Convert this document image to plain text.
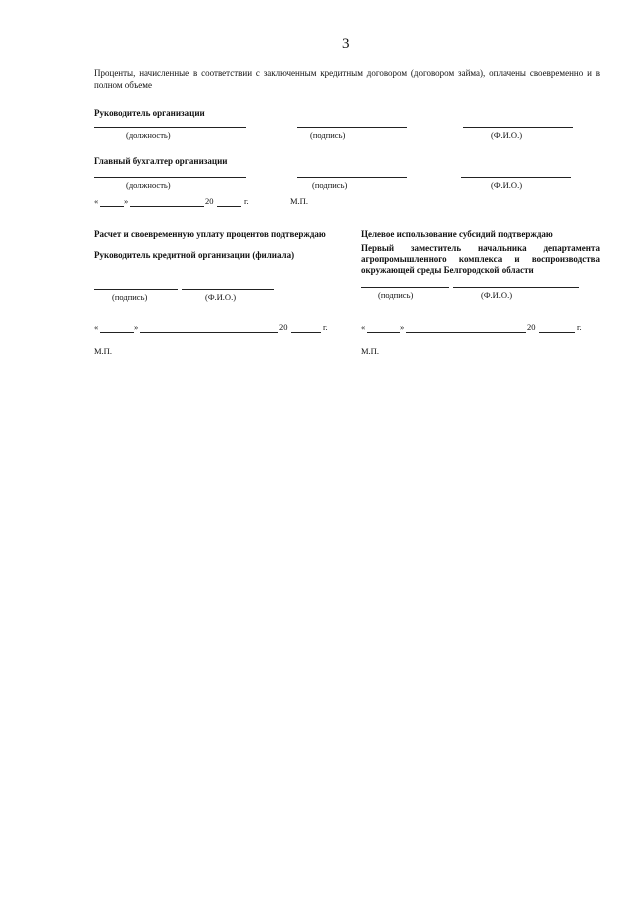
3
Проценты, начисленные в соответствии с заключенным кредитным договором (договором займа), оплачены своевременно и в полном объеме
Руководитель организации
(должность)	(подпись)	(Ф.И.О.)
Главный бухгалтер организации
(должность)	(подпись)	(Ф.И.О.)
«	»	20	г.	М.П.
Расчет и своевременную уплату процентов подтверждаю
Руководитель кредитной организации (филиала)
(подпись)	(Ф.И.О.)
«	»	20	г.
М.П.
Целевое использование субсидий подтверждаю
Первый заместитель начальника департамента
агропромышленного комплекса и воспроизводства
окружающей среды Белгородской области
(подпись)	(Ф.И.О.)
«	»	20	г.
М.П.
